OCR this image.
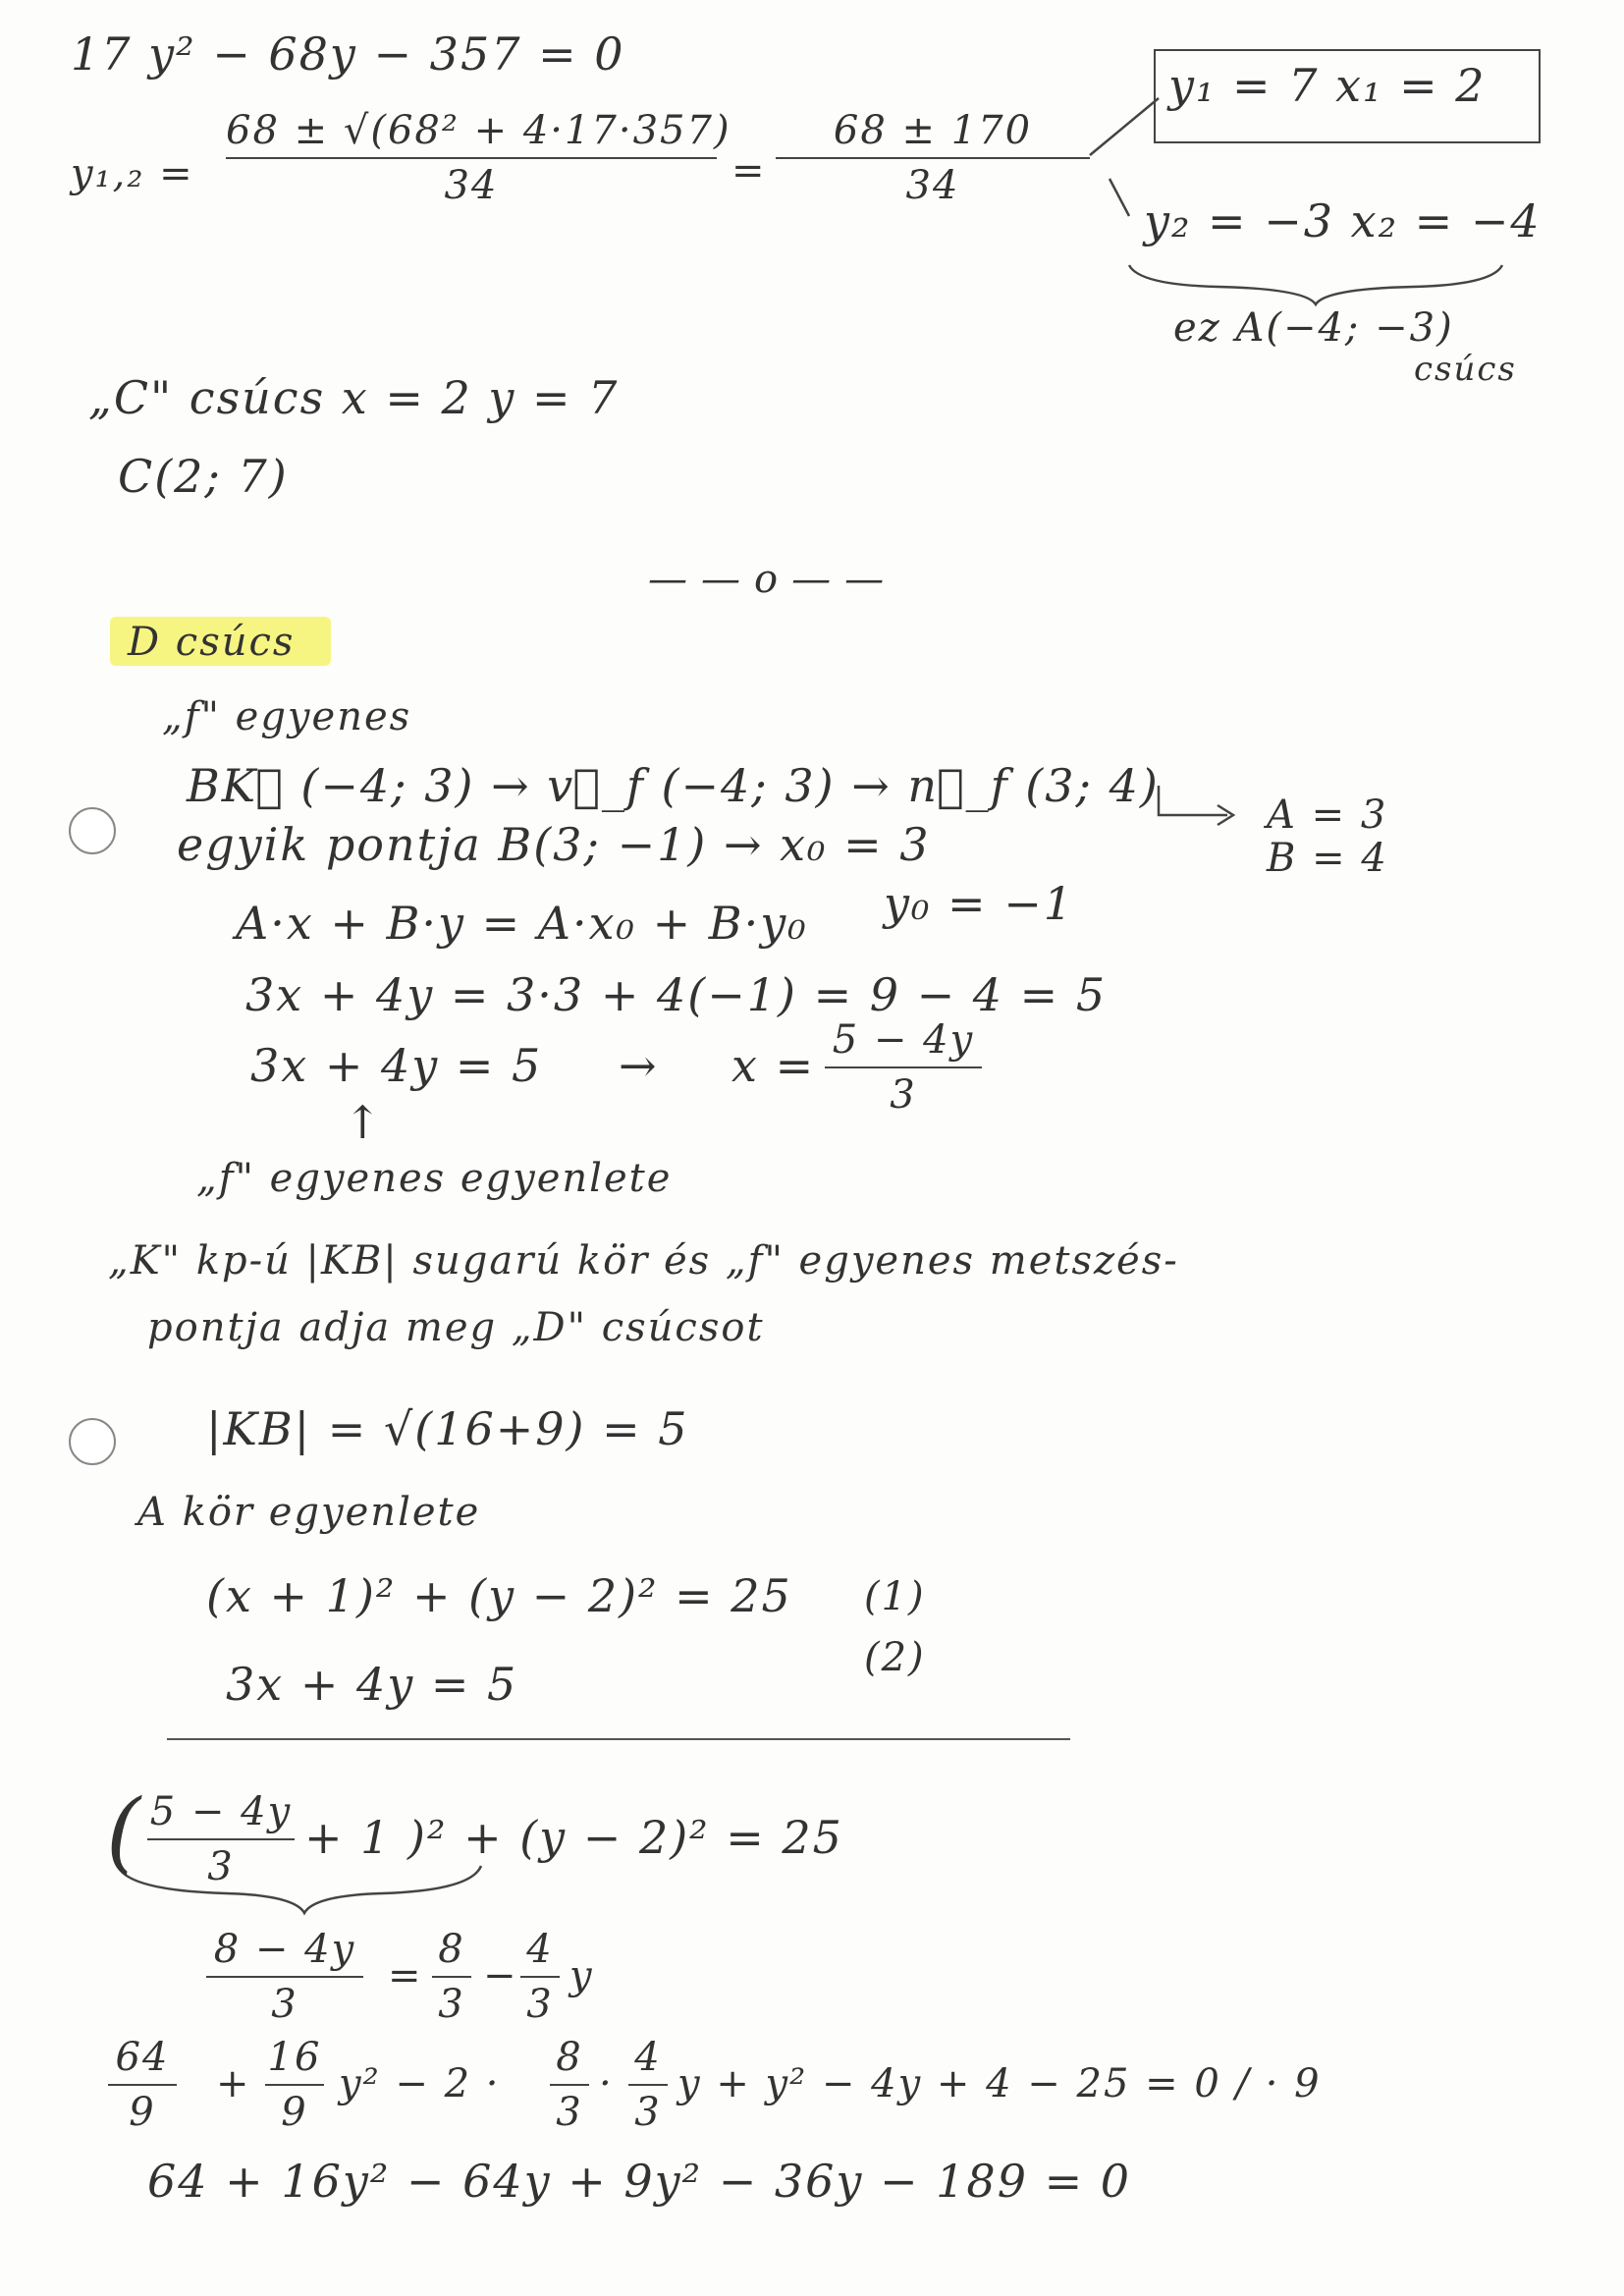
17 y² − 68y − 357 = 0
y₁,₂ =
68 ± √(68² + 4·17·357)
34	=
68 ± 170
34
y₁ = 7 x₁ = 2
y₂ = −3 x₂ = −4
ez A(−4; −3)
csúcs
„C" csúcs x = 2 y = 7
C(2; 7)
——o——
D csúcs
„f" egyenes
BK⃗ (−4; 3) → v⃗_f (−4; 3) → n⃗_f (3; 4)
A = 3
B = 4
egyik pontja B(3; −1) → x₀ = 3
y₀ = −1
A·x + B·y = A·x₀ + B·y₀
3x + 4y = 3·3 + 4(−1) = 9 − 4 = 5
3x + 4y = 5 → x = 5 − 4y
3
↑
„f" egyenes egyenlete
„K" kp-ú |KB| sugarú kör és „f" egyenes metszés-
pontja adja meg „D" csúcsot
|KB| = √(16+9) = 5
A kör egyenlete
(x + 1)² + (y − 2)² = 25 (1)
3x + 4y = 5	(2)
( 5 − 4y
3
+ 1 )² + (y − 2)² = 25
8 − 4y
3
=
8
3
−
4
3
y
64
9
+
16
9
y² − 2 ·
8
3
·
4
3
y + y² − 4y + 4 − 25 = 0 / · 9
64 + 16y² − 64y + 9y² − 36y − 189 = 0
